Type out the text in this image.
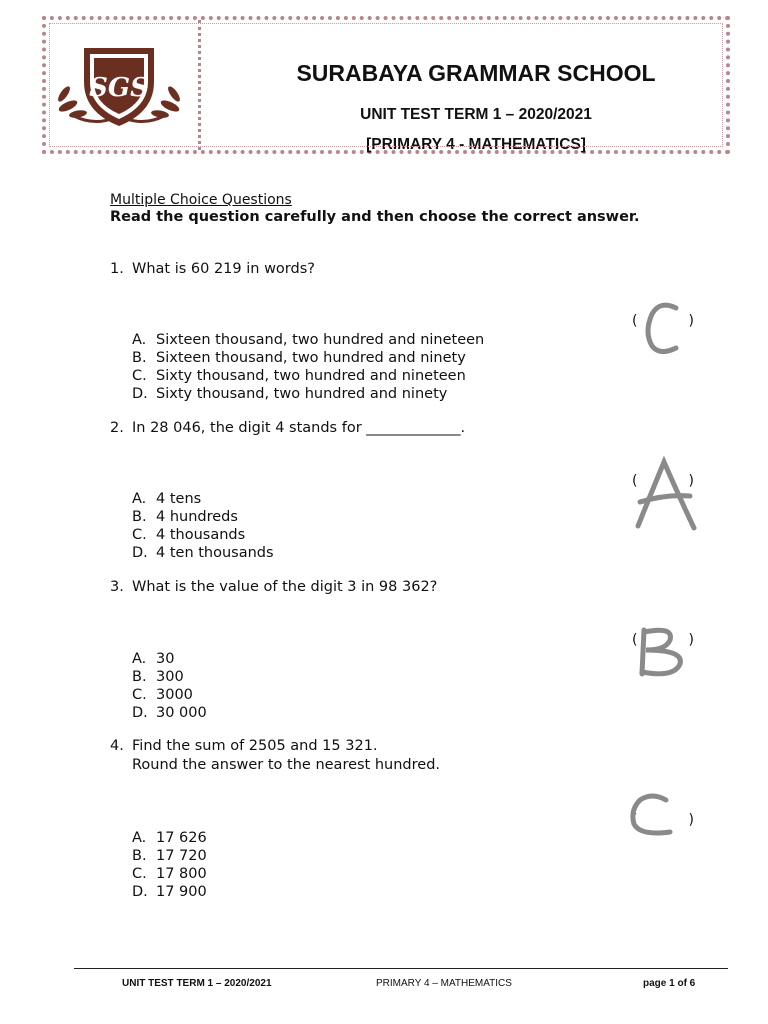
SGS	SURABAYA GRAMMAR SCHOOL
UNIT TEST TERM 1 – 2020/2021
[PRIMARY 4 - MATHEMATICS]
Multiple Choice Questions
Read the question carefully and then choose the correct answer.
1. What is 60 219 in words?
(	)
A. Sixteen thousand, two hundred and nineteen
B. Sixteen thousand, two hundred and ninety
C. Sixty thousand, two hundred and nineteen
D. Sixty thousand, two hundred and ninety
2. In 28 046, the digit 4 stands for _____________.
(	)
A. 4 tens
B. 4 hundreds
C. 4 thousands
D. 4 ten thousands
3. What is the value of the digit 3 in 98 362?
(	)
A. 30
B. 300
C. 3000
D. 30 000
4. Find the sum of 2505 and 15 321.
Round the answer to the nearest hundred.
(	)
A. 17 626
B. 17 720
C. 17 800
D. 17 900
UNIT TEST TERM 1 – 2020/2021	PRIMARY 4 – MATHEMATICS	page 1 of 6
